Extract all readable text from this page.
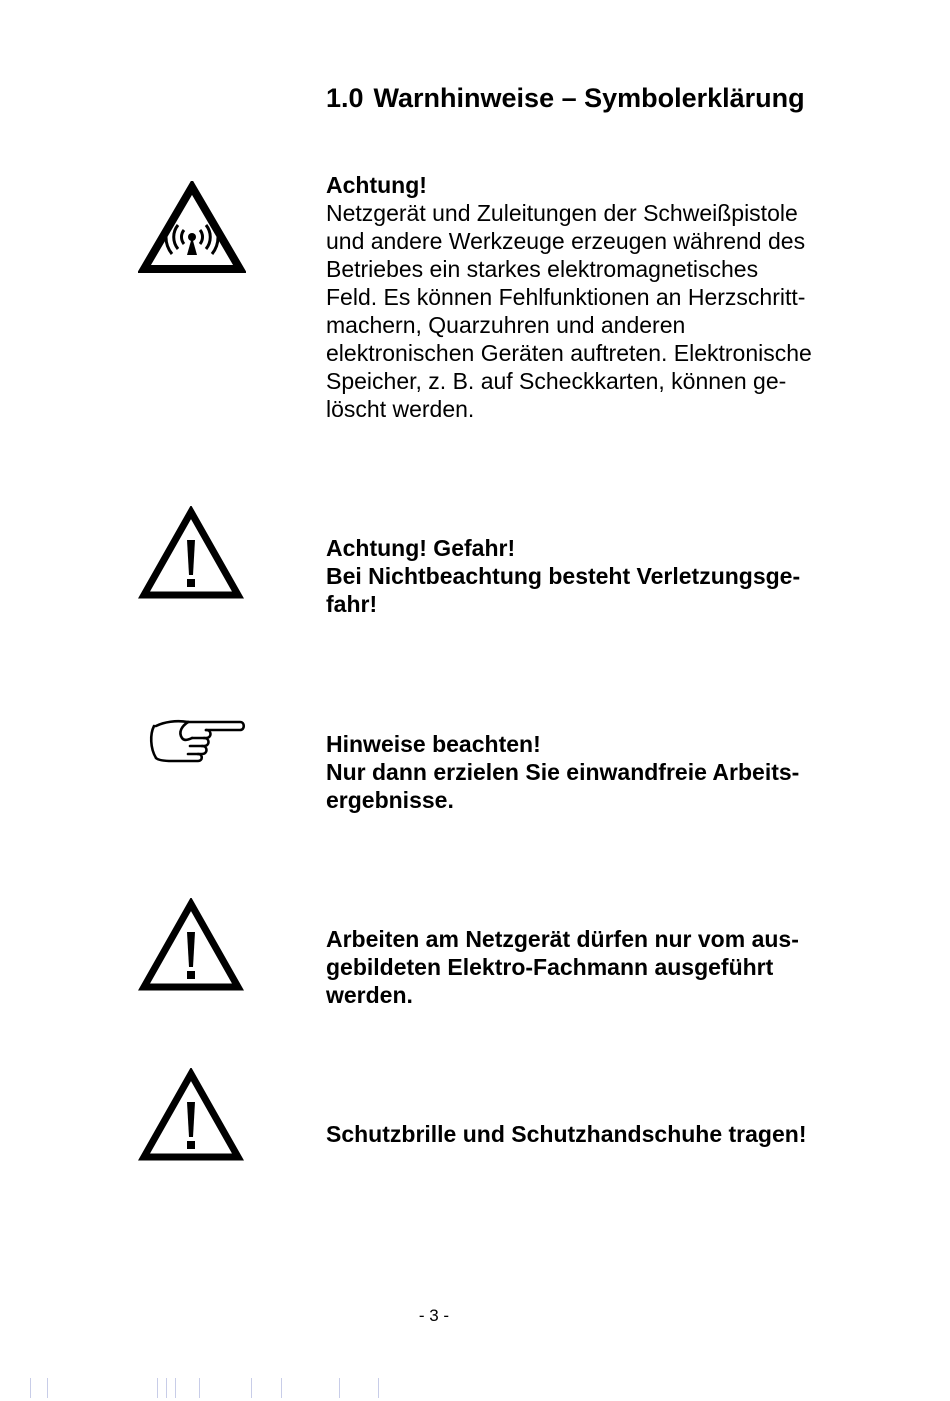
1.0 Warnhinweise – Symbolerklärung
Achtung!
Netzgerät und Zuleitungen der Schweißpistole
und andere Werkzeuge erzeugen während des
Betriebes ein starkes elektromagnetisches
Feld. Es können Fehlfunktionen an Herzschritt-
machern, Quarzuhren und anderen
elektronischen Geräten auftreten. Elektronische
Speicher, z. B. auf Scheckkarten, können ge-
löscht werden.
Achtung! Gefahr!
Bei Nichtbeachtung besteht Verletzungsge-
fahr!
Hinweise beachten!
Nur dann erzielen Sie einwandfreie Arbeits-
ergebnisse.
Arbeiten am Netzgerät dürfen nur vom aus-
gebildeten Elektro-Fachmann ausgeführt
werden.
Schutzbrille und Schutzhandschuhe tragen!
- 3 -
